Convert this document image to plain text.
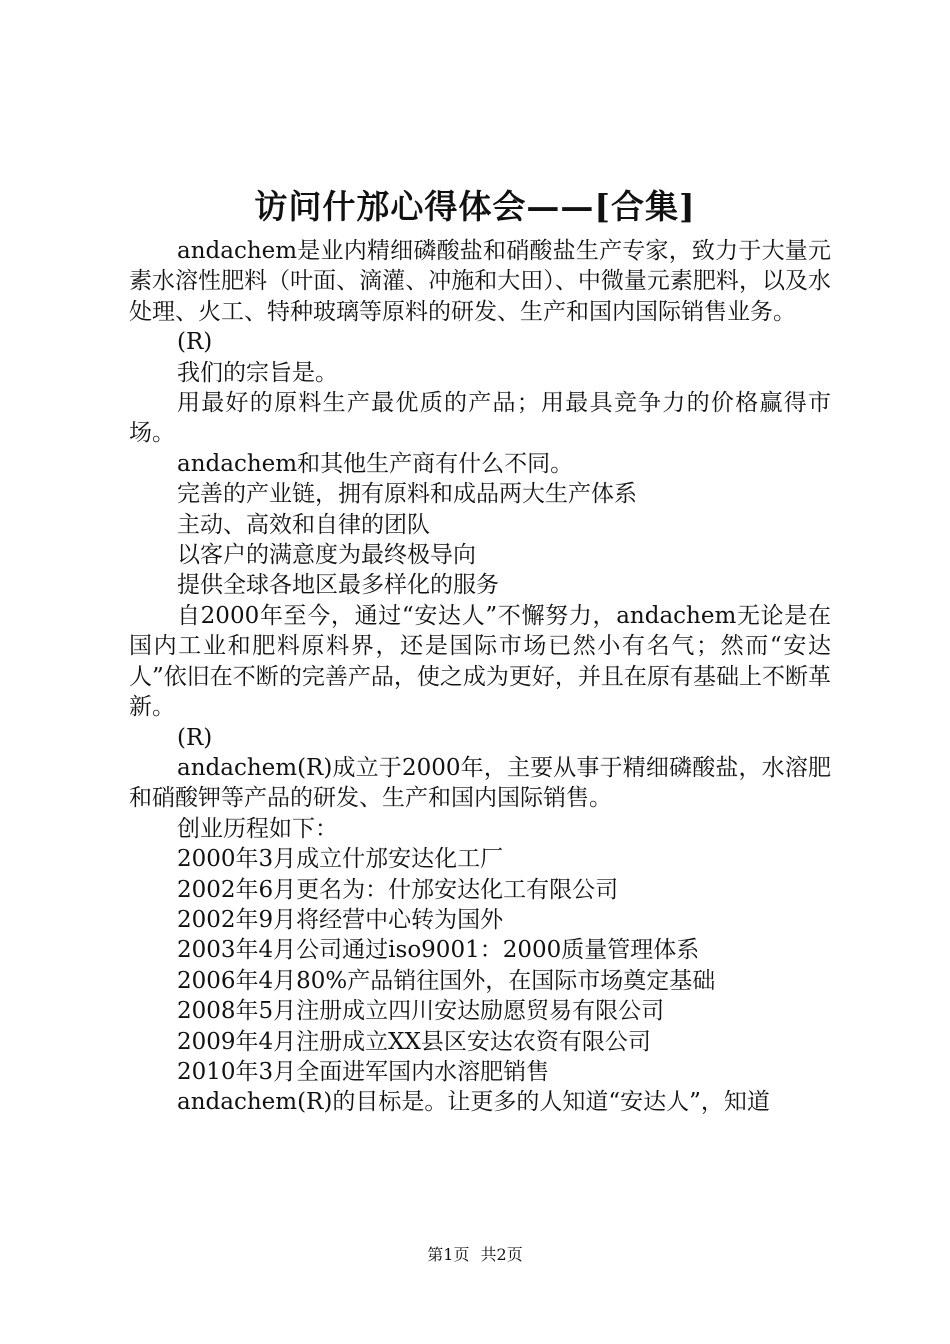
访问什邡心得体会——[合集]

andachem是业内精细磷酸盐和硝酸盐生产专家，致力于大量元素水溶性肥料（叶面、滴灌、冲施和大田）、中微量元素肥料，以及水处理、火工、特种玻璃等原料的研发、生产和国内国际销售业务。

(R)

我们的宗旨是。

用最好的原料生产最优质的产品；用最具竞争力的价格赢得市场。

andachem和其他生产商有什么不同。

完善的产业链，拥有原料和成品两大生产体系

主动、高效和自律的团队

以客户的满意度为最终极导向

提供全球各地区最多样化的服务

自2000年至今，通过“安达人”不懈努力，andachem无论是在国内工业和肥料原料界，还是国际市场已然小有名气；然而“安达人”依旧在不断的完善产品，使之成为更好，并且在原有基础上不断革新。

(R)

andachem(R)成立于2000年，主要从事于精细磷酸盐，水溶肥和硝酸钾等产品的研发、生产和国内国际销售。

创业历程如下：

2000年3月成立什邡安达化工厂

2002年6月更名为：什邡安达化工有限公司

2002年9月将经营中心转为国外

2003年4月公司通过iso9001：2000质量管理体系

2006年4月80%产品销往国外，在国际市场奠定基础

2008年5月注册成立四川安达励愿贸易有限公司

2009年4月注册成立XX县区安达农资有限公司

2010年3月全面进军国内水溶肥销售

andachem(R)的目标是。让更多的人知道“安达人”，知道

第1页 共2页
